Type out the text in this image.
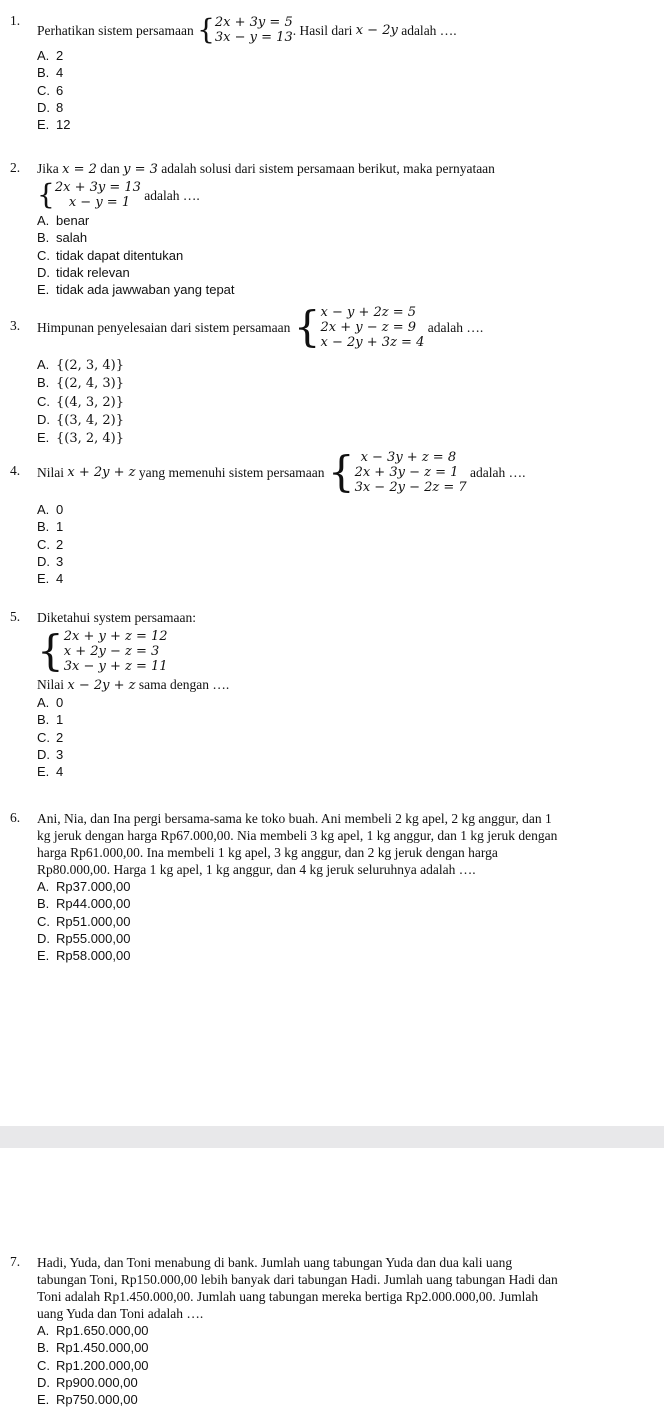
1.
Perhatikan sistem persamaan
{ 2x + 3y = 5
3x − y = 13 . Hasil dari
x − 2y
adalah ….
A. 2
B. 4
C. 6
D. 8
E. 12
2. Jika x = 2 dan y = 3 adalah solusi dari sistem persamaan berikut, maka pernyataan
{ 2x + 3y = 13
x − y = 1
	adalah ….
A. benar
B. salah
C. tidak dapat ditentukan
D. tidak relevan
E. tidak ada jawwaban yang tepat
3. Himpunan penyelesaian dari sistem persamaan
{ x − y + 2z = 5
2x + y − z = 9
x − 2y + 3z = 4

adalah ….
A. {(2, 3, 4)}
B. {(2, 4, 3)}
C. {(4, 3, 2)}
D. {(3, 4, 2)}
E. {(3, 2, 4)}
4. Nilai
x + 2y + z
yang memenuhi sistem persamaan
{ x − 3y + z = 8
2x + 3y − z = 1
3x − 2y − 2z = 7

adalah ….
A. 0
B. 1
C. 2
D. 3
E. 4
5. Diketahui system persamaan:
{ 2x + y + z = 12
x + 2y − z = 3
3x − y + z = 11
Nilai x − 2y + z sama dengan ….
A. 0
B. 1
C. 2
D. 3
E. 4
6. Ani, Nia, dan Ina pergi bersama-sama ke toko buah. Ani membeli 2 kg apel, 2 kg anggur, dan 1
kg jeruk dengan harga Rp67.000,00. Nia membeli 3 kg apel, 1 kg anggur, dan 1 kg jeruk dengan
harga Rp61.000,00. Ina membeli 1 kg apel, 3 kg anggur, dan 2 kg jeruk dengan harga
Rp80.000,00. Harga 1 kg apel, 1 kg anggur, dan 4 kg jeruk seluruhnya adalah ….
A. Rp37.000,00
B. Rp44.000,00
C. Rp51.000,00
D. Rp55.000,00
E. Rp58.000,00
7. Hadi, Yuda, dan Toni menabung di bank. Jumlah uang tabungan Yuda dan dua kali uang
tabungan Toni, Rp150.000,00 lebih banyak dari tabungan Hadi. Jumlah uang tabungan Hadi dan
Toni adalah Rp1.450.000,00. Jumlah uang tabungan mereka bertiga Rp2.000.000,00. Jumlah
uang Yuda dan Toni adalah ….
A. Rp1.650.000,00
B. Rp1.450.000,00
C. Rp1.200.000,00
D. Rp900.000,00
E. Rp750.000,00
